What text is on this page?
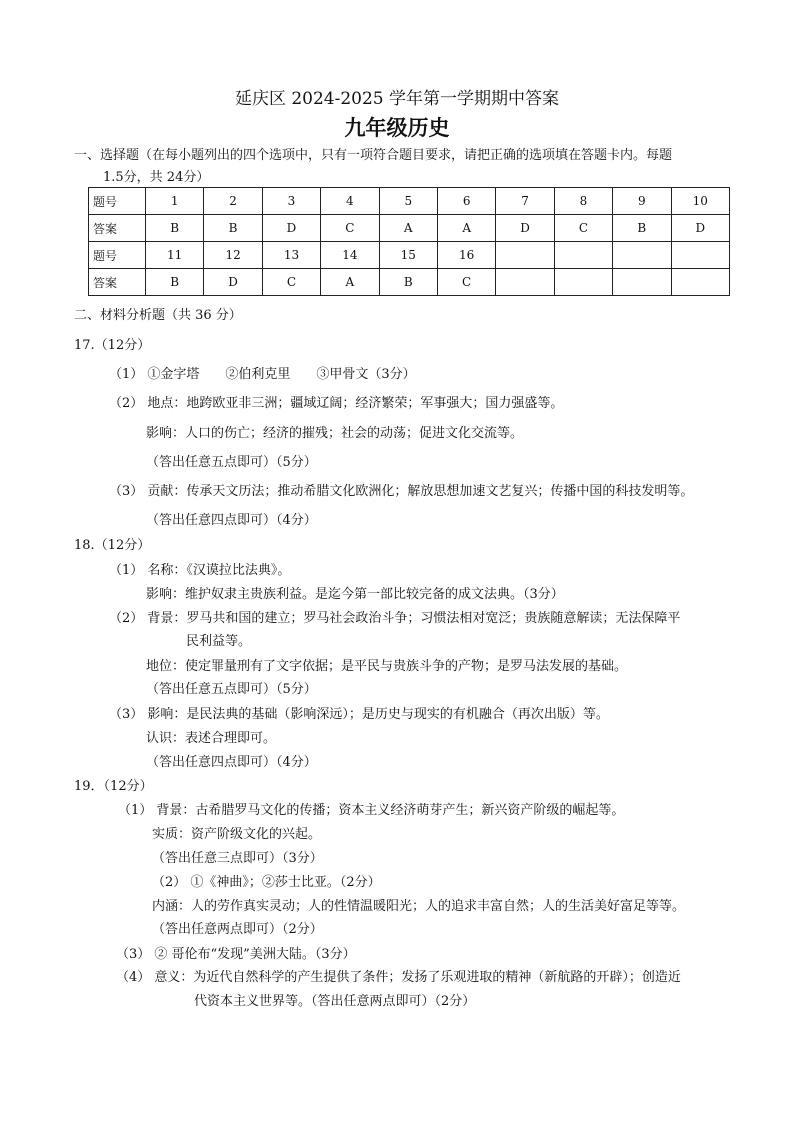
延庆区 2024-2025 学年第一学期期中答案
九年级历史
一、选择题（在每小题列出的四个选项中，只有一项符合题目要求，请把正确的选项填在答题卡内。每题
1.5分，共 24分）
题号	1	2	3	4	5	6	7	8	9	10
答案	B	B	D	C	A	A	D	C	B	D
题号	11	12	13	14	15	16				
答案	B	D	C	A	B	C				
二、材料分析题（共 36 分）
17.（12分）
（1） ①金字塔　　②伯利克里　　③甲骨文（3分）
（2） 地点：地跨欧亚非三洲；疆域辽阔；经济繁荣；军事强大；国力强盛等。
影响：人口的伤亡；经济的摧残；社会的动荡；促进文化交流等。
（答出任意五点即可）（5分）
（3） 贡献：传承天文历法；推动希腊文化欧洲化；解放思想加速文艺复兴；传播中国的科技发明等。
（答出任意四点即可）（4分）
18.（12分）
（1） 名称：《汉谟拉比法典》。
影响：维护奴隶主贵族利益。是迄今第一部比较完备的成文法典。（3分）
（2） 背景：罗马共和国的建立；罗马社会政治斗争；习惯法相对宽泛；贵族随意解读；无法保障平
民利益等。
地位：使定罪量刑有了文字依据；是平民与贵族斗争的产物；是罗马法发展的基础。
（答出任意五点即可）（5分）
（3） 影响：是民法典的基础（影响深远）；是历史与现实的有机融合（再次出版）等。
认识：表述合理即可。
（答出任意四点即可）（4分）
19．（12分）
（1） 背景：古希腊罗马文化的传播；资本主义经济萌芽产生；新兴资产阶级的崛起等。
实质：资产阶级文化的兴起。
（答出任意三点即可）（3分）
（2） ①《神曲》；②莎士比亚。（2分）
内涵：人的劳作真实灵动；人的性情温暖阳光；人的追求丰富自然；人的生活美好富足等等。
（答出任意两点即可）（2分）
（3） ② 哥伦布“发现”美洲大陆。（3分）
（4） 意义：为近代自然科学的产生提供了条件；发扬了乐观进取的精神（新航路的开辟）；创造近
代资本主义世界等。（答出任意两点即可）（2分）
